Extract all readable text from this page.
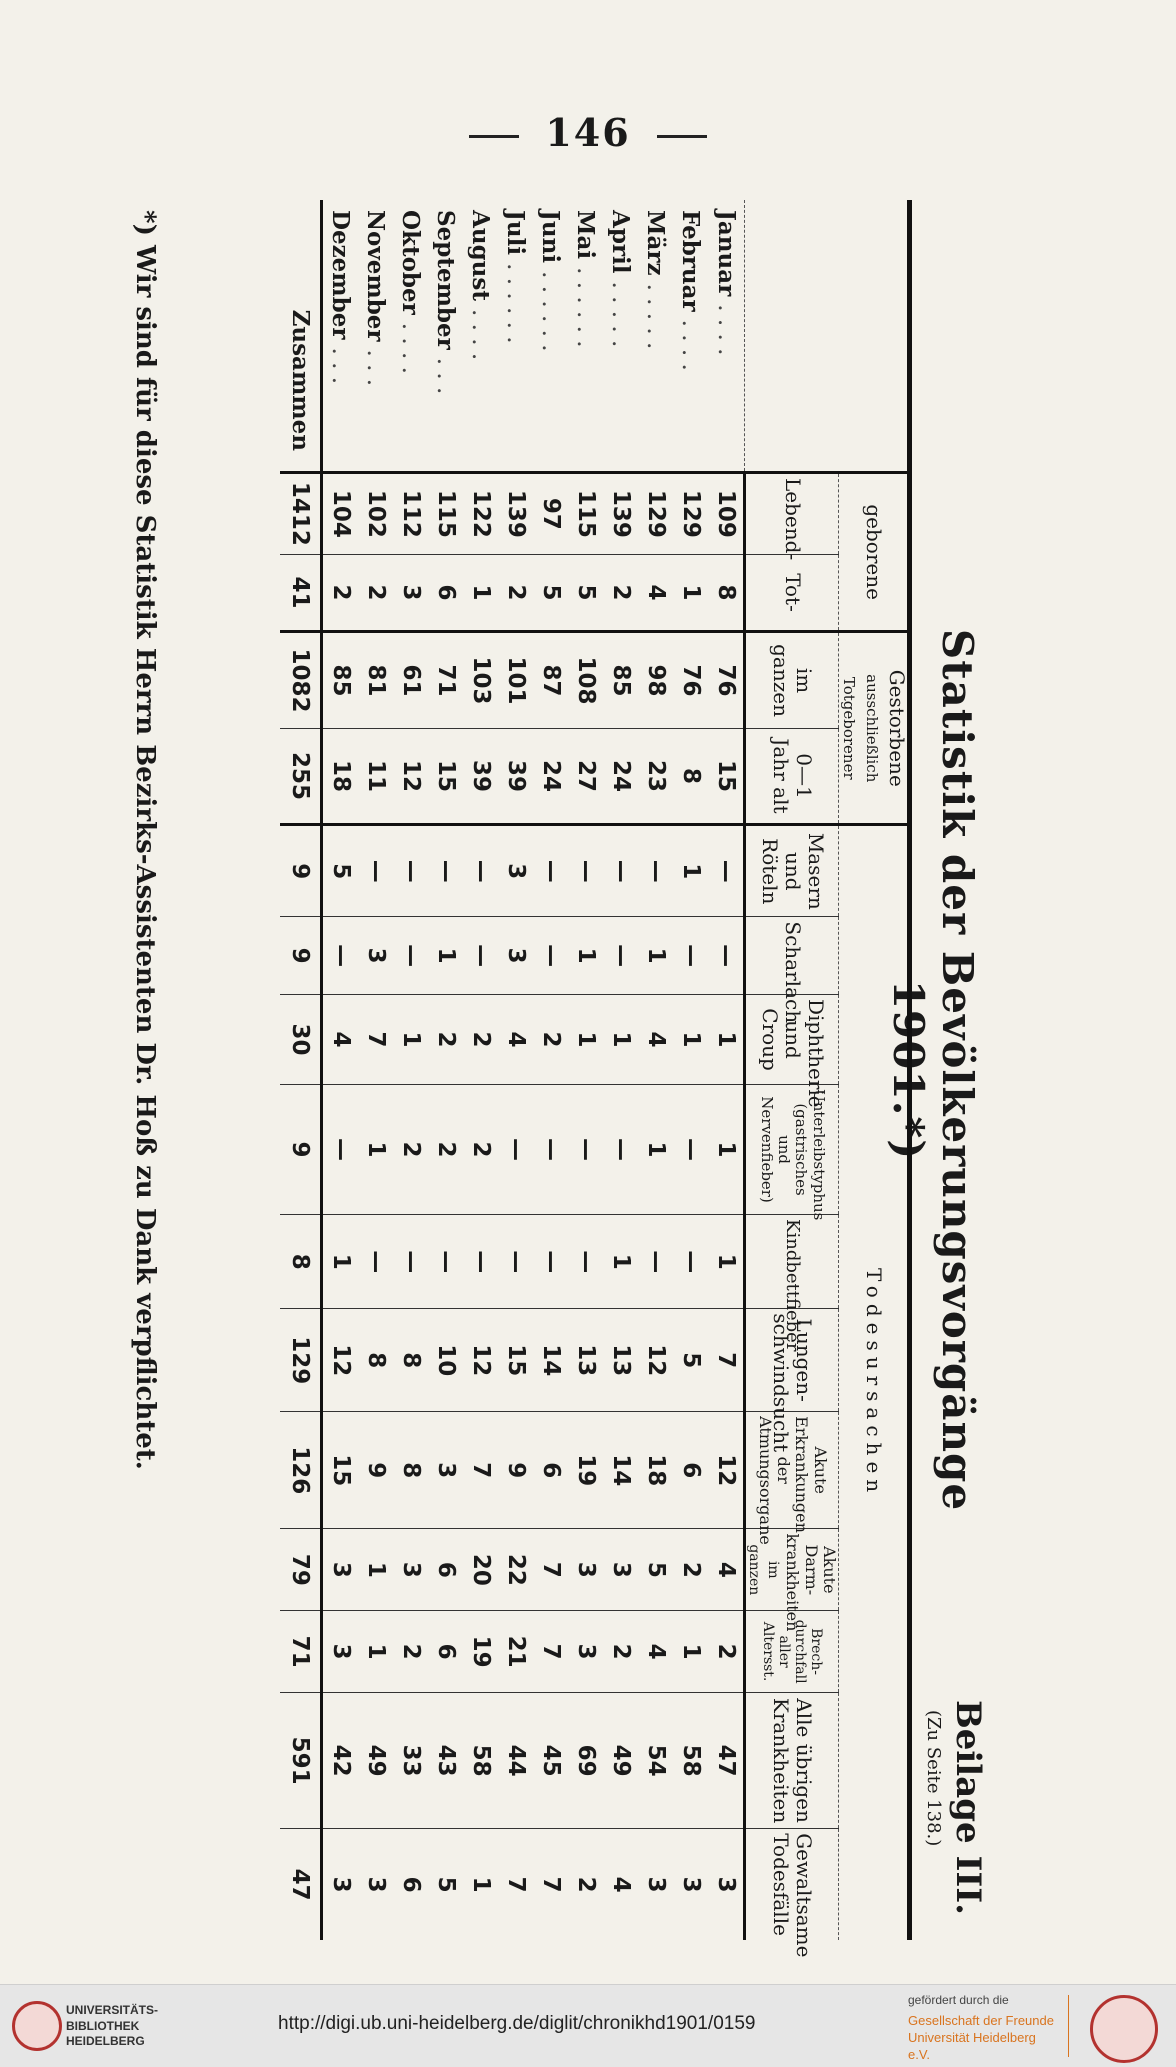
146
Statistik der Bevölkerungsvorgänge 1901.*)
Beilage III.
(Zu Seite 138.)
	geborene		Gestorbene
ausschließlich Totgeborener		Todesursachen										
	Lebend-	Tot-	im ganzen	0—1 Jahr alt	Masern und Röteln	Scharlach	Diphtherie und Croup	Unterleibstyphus (gastrisches und Nervenfieber)	Kindbettfieber	Lungen-schwindsucht	Akute Erkrankungen der Atmungsorgane	Akute Darm-krankheiten
im ganzen	Brech-durchfall aller Altersst.	Alle übrigen Krankheiten	Gewaltsame Todesfälle
Januar . . . .	109	8	76	15	—	—	1	1	1	7	12	4	2	47	3
Februar . . . .	129	1	76	8	1	—	1	—	—	5	6	2	1	58	3
März . . . . .	129	4	98	23	—	1	4	1	—	12	18	5	4	54	3
April . . . . .	139	2	85	24	—	—	1	—	1	13	14	3	2	49	4
Mai . . . . . .	115	5	108	27	—	1	1	—	—	13	19	3	3	69	2
Juni . . . . . .	97	5	87	24	—	—	2	—	—	14	6	7	7	45	7
Juli . . . . . .	139	2	101	39	3	3	4	—	—	15	9	22	21	44	7
August . . . .	122	1	103	39	—	—	2	2	—	12	7	20	19	58	1
September . . .	115	6	71	15	—	1	2	2	—	10	3	6	6	43	5
Oktober . . . .	112	3	61	12	—	—	1	2	—	8	8	3	2	33	6
November . . .	102	2	81	11	—	3	7	1	—	8	9	1	1	49	3
Dezember . . .	104	2	85	18	5	—	4	—	1	12	15	3	3	42	3
Zusammen	1412	41	1082	255	9	9	30	9	8	129	126	79	71	591	47
*) Wir sind für diese Statistik Herrn Bezirks-Assistenten Dr. Hoß zu Dank verpflichtet.
UNIVERSITÄTS-BIBLIOTHEK HEIDELBERG
http://digi.ub.uni-heidelberg.de/diglit/chronikhd1901/0159
gefördert durch die
Gesellschaft der Freunde Universität Heidelberg e.V.
